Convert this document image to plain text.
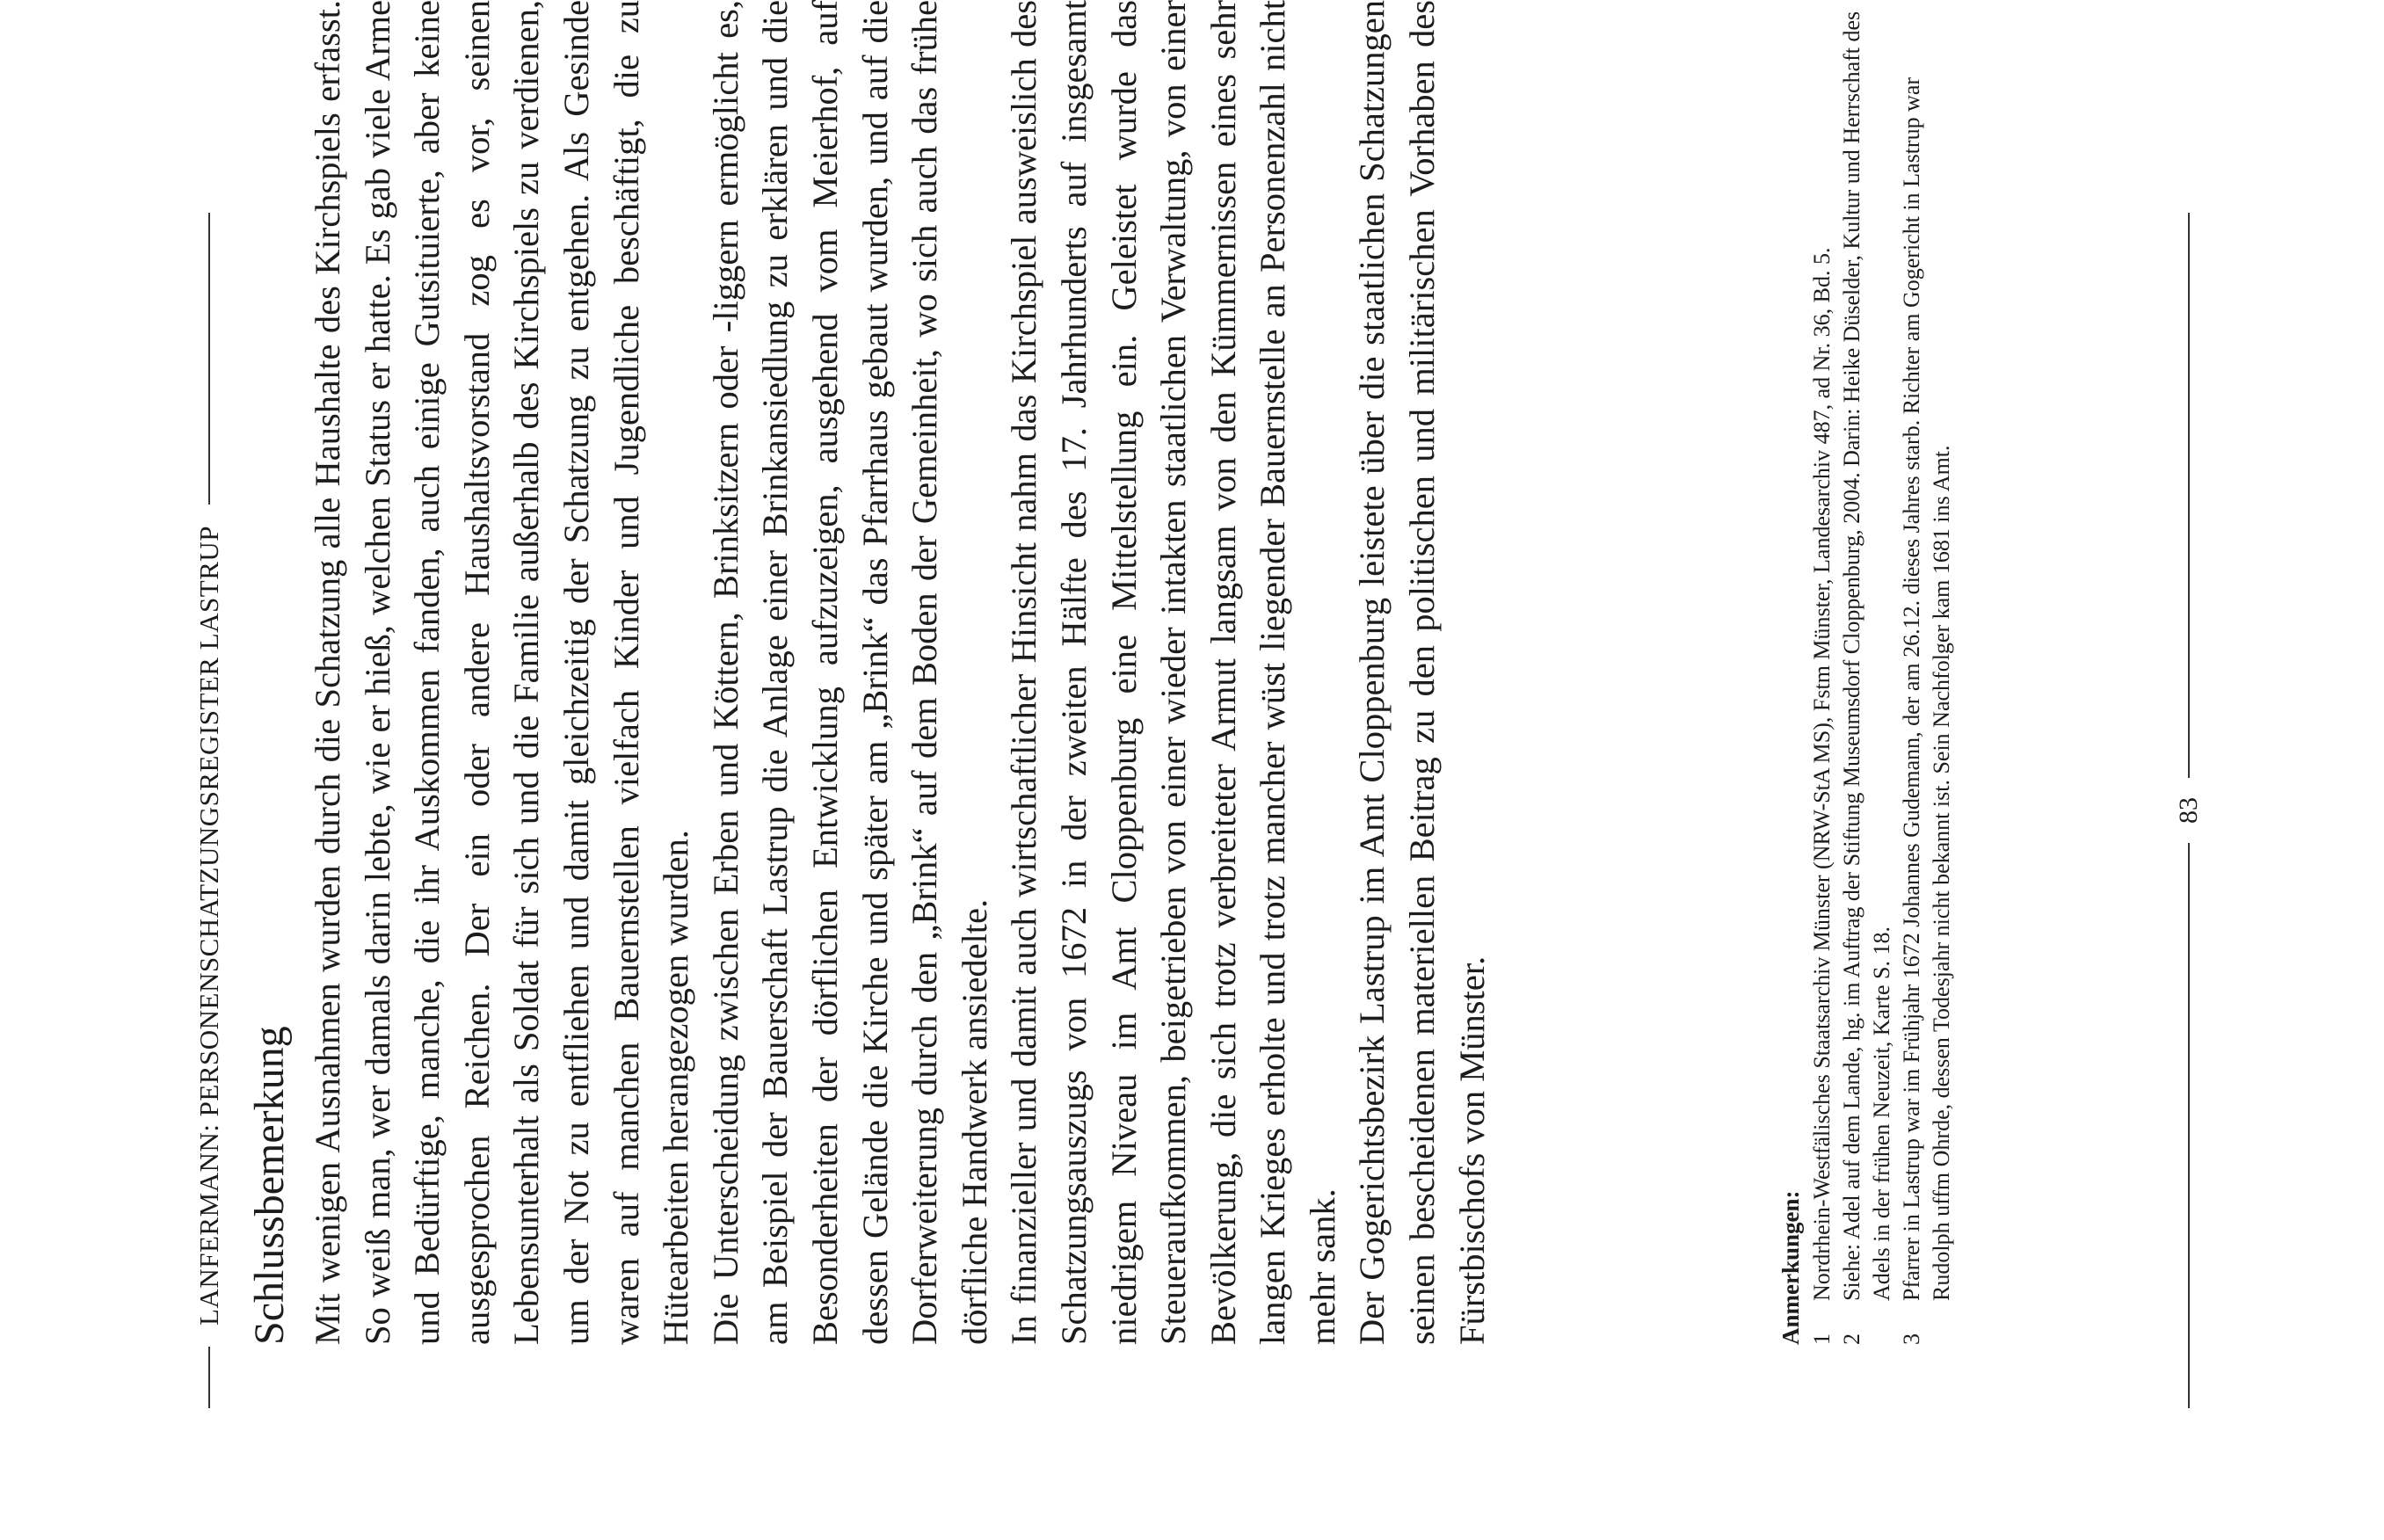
LANFERMANN: PERSONENSCHATZUNGSREGISTER LASTRUP Schlussbemerkung Mit wenigen Ausnahmen wurden durch die Schatzung alle Haushalte des Kirchspiels erfasst. So weiß man, wer damals darin lebte, wie er hieß, welchen Status er hatte. Es gab viele Arme und Bedürftige, manche, die ihr Auskommen fanden, auch einige Gutsituierte, aber keine ausgesprochen Reichen. Der ein oder andere Haushaltsvorstand zog es vor, seinen Lebensunterhalt als Soldat für sich und die Familie außerhalb des Kirchspiels zu verdienen, um der Not zu entfliehen und damit gleichzeitig der Schatzung zu entgehen. Als Gesinde waren auf manchen Bauernstellen vielfach Kinder und Jugendliche beschäftigt, die zu Hütearbeiten herangezogen wurden. Die Unterscheidung zwischen Erben und Köttern, Brinksitzern oder -liggern ermöglicht es, am Beispiel der Bauerschaft Lastrup die Anlage einer Brinkansiedlung zu erklären und die Besonderheiten der dörflichen Entwicklung aufzuzeigen, ausgehend vom Meierhof, auf dessen Gelände die Kirche und später am „Brink“ das Pfarrhaus gebaut wurden, und auf die Dorferweiterung durch den „Brink“ auf dem Boden der Gemeinheit, wo sich auch das frühe dörfliche Handwerk ansiedelte. In finanzieller und damit auch wirtschaftlicher Hinsicht nahm das Kirchspiel ausweislich des Schatzungsauszugs von 1672 in der zweiten Hälfte des 17. Jahrhunderts auf insgesamt niedrigem Niveau im Amt Cloppenburg eine Mittelstellung ein. Geleistet wurde das Steueraufkommen, beigetrieben von einer wieder intakten staatlichen Verwaltung, von einer Bevölkerung, die sich trotz verbreiteter Armut langsam von den Kümmernissen eines sehr langen Krieges erholte und trotz mancher wüst liegender Bauernstelle an Personenzahl nicht mehr sank. Der Gogerichtsbezirk Lastrup im Amt Cloppenburg leistete über die staatlichen Schatzungen seinen bescheidenen materiellen Beitrag zu den politischen und militärischen Vorhaben des Fürstbischofs von Münster.	Anmerkungen: 1
Nordrhein-Westfälisches Staatsarchiv Münster (NRW-StA MS), Fstm Münster, Landesarchiv 487, ad Nr. 36, Bd. 5.
2
Siehe: Adel auf dem Lande, hg. im Auftrag der Stiftung Museumsdorf Cloppenburg, 2004. Darin: Heike Düselder, Kultur und Herrschaft des Adels in der frühen Neuzeit, Karte S. 18.
3
Pfarrer in Lastrup war im Frühjahr 1672 Johannes Gudemann, der am 26.12. dieses Jahres starb. Richter am Gogericht in Lastrup war Rudolph uffm Ohrde, dessen Todesjahr nicht bekannt ist. Sein Nachfolger kam 1681 ins Amt.	83
